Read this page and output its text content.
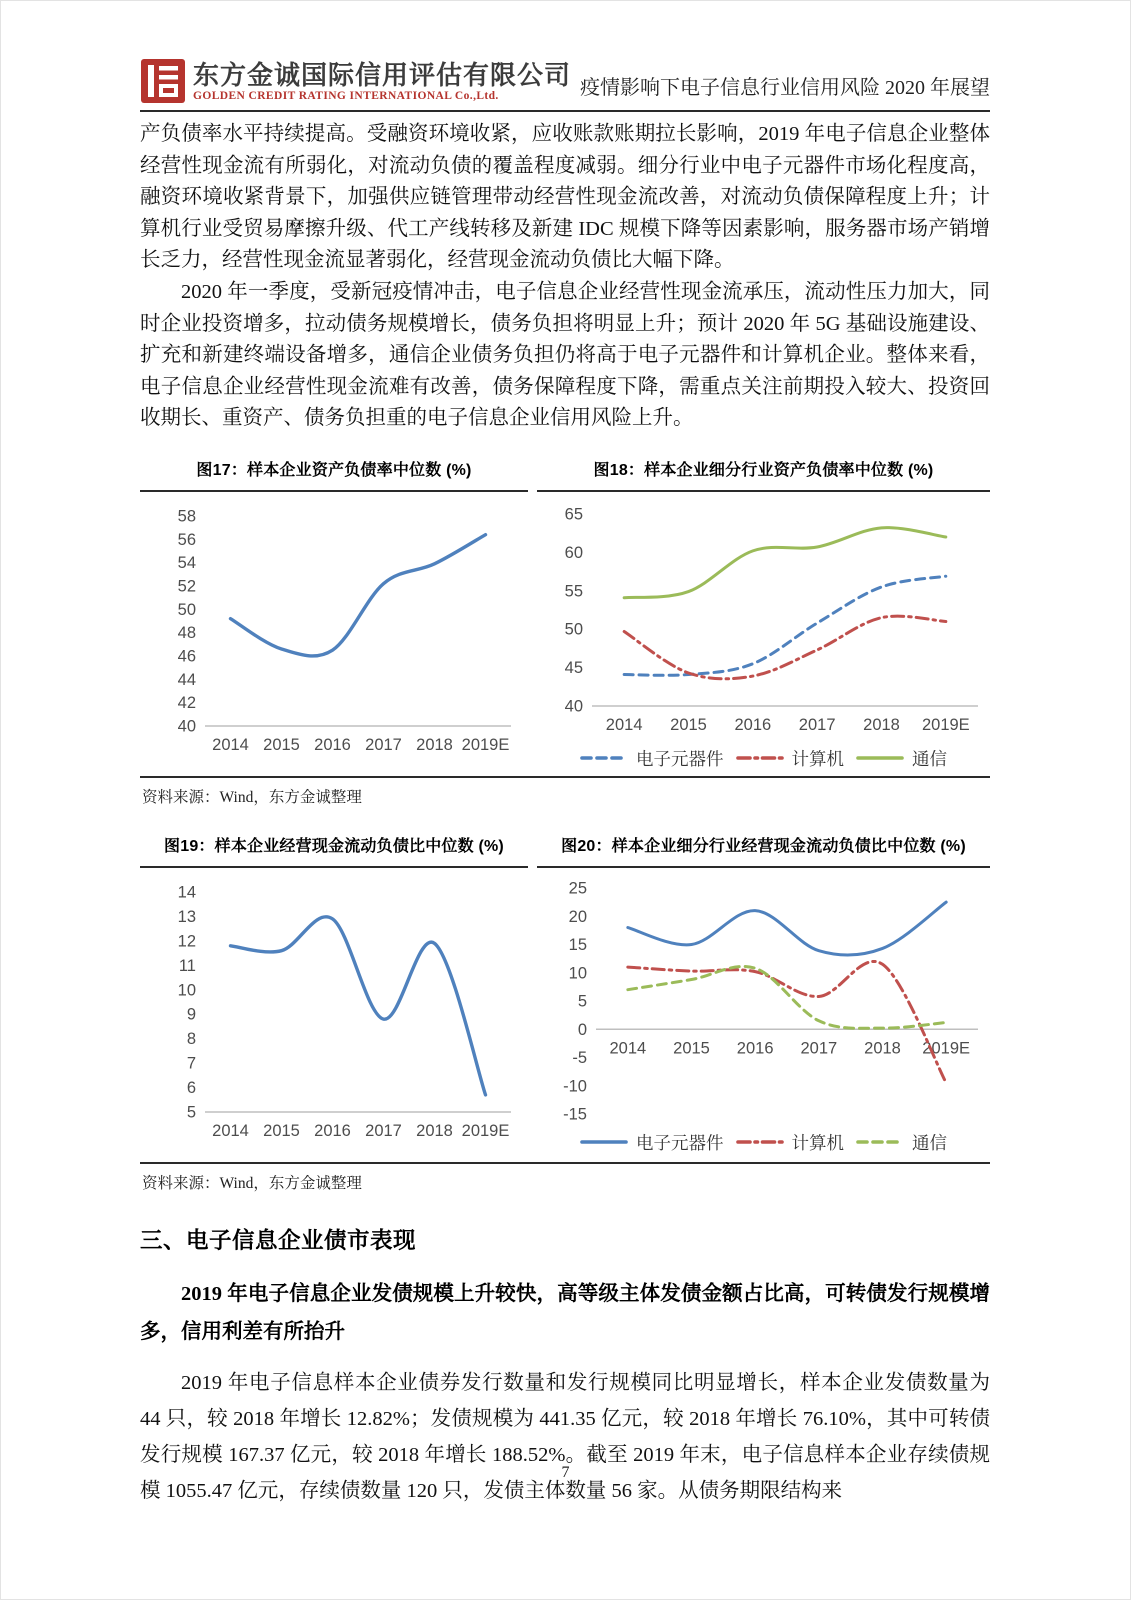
东方金诚国际信用评估有限公司
GOLDEN CREDIT RATING INTERNATIONAL Co.,Ltd.	疫情影响下电子信息行业信用风险 2020 年展望

产负债率水平持续提高。受融资环境收紧，应收账款账期拉长影响，2019 年电子信息企业整体经营性现金流有所弱化，对流动负债的覆盖程度减弱。细分行业中电子元器件市场化程度高，融资环境收紧背景下，加强供应链管理带动经营性现金流改善，对流动负债保障程度上升；计算机行业受贸易摩擦升级、代工产线转移及新建 IDC 规模下降等因素影响，服务器市场产销增长乏力，经营性现金流显著弱化，经营现金流动负债比大幅下降。

2020 年一季度，受新冠疫情冲击，电子信息企业经营性现金流承压，流动性压力加大，同时企业投资增多，拉动债务规模增长，债务负担将明显上升；预计 2020 年 5G 基础设施建设、扩充和新建终端设备增多，通信企业债务负担仍将高于电子元器件和计算机企业。整体来看，电子信息企业经营性现金流难有改善，债务保障程度下降，需重点关注前期投入较大、投资回收期长、重资产、债务负担重的电子信息企业信用风险上升。

图17：样本企业资产负债率中位数 (%)	图18：样本企业细分行业资产负债率中位数 (%)
40
42
44
46
48
50
52
54
56
58
2014 2015 2016 2017 2018 2019E
40
45
50
55
60
65
2014 2015 2016 2017 2018 2019E
电子元器件	计算机	通信
资料来源：Wind，东方金诚整理
图19：样本企业经营现金流动负债比中位数 (%)	图20：样本企业细分行业经营现金流动负债比中位数 (%)
5
6
7
8
9
10
11
12
13
14
2014 2015 2016 2017 2018 2019E
-15
-10
-5
0
5
10
15
20
25
2014 2015 2016 2017 2018 2019E
电子元器件	计算机	通信
资料来源：Wind，东方金诚整理
三、电子信息企业债市表现

2019 年电子信息企业发债规模上升较快，高等级主体发债金额占比高，可转债发行规模增多，信用利差有所抬升

2019 年电子信息样本企业债券发行数量和发行规模同比明显增长，样本企业发债数量为 44 只，较 2018 年增长 12.82%；发债规模为 441.35 亿元，较 2018 年增长 76.10%，其中可转债发行规模 167.37 亿元，较 2018 年增长 188.52%。截至 2019 年末，电子信息样本企业存续债规模 1055.47 亿元，存续债数量 120 只，发债主体数量 56 家。从债务期限结构来

7
